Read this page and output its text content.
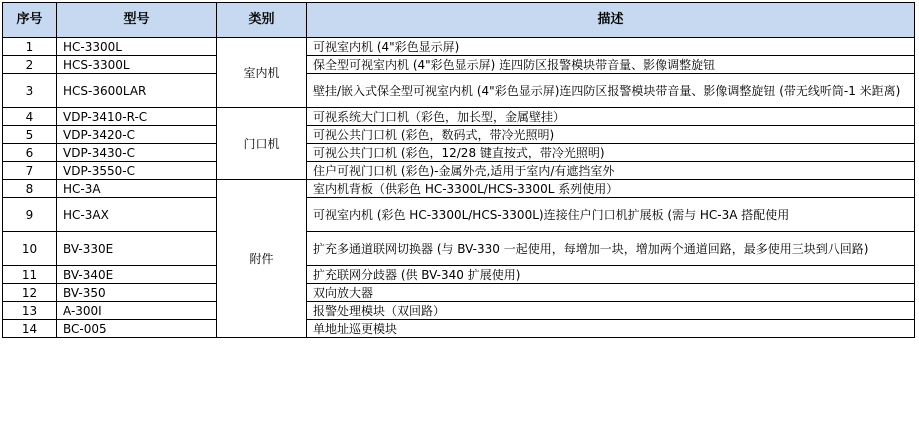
序号	型号	类别	描述
1	HC-3300L	室内机	可视室内机 (4"彩色显示屏)
2	HCS-3300L		保全型可视室内机 (4"彩色显示屏) 连四防区报警模块带音量、影像调整旋钮
3	HCS-3600LAR		壁挂/嵌入式保全型可视室内机 (4"彩色显示屏)连四防区报警模块带音量、影像调整旋钮 (带无线听筒-1 米距离)
4	VDP-3410-R-C	门口机	可视系统大门口机（彩色，加长型，金属壁挂）
5	VDP-3420-C		可视公共门口机 (彩色，数码式，带冷光照明)
6	VDP-3430-C		可视公共门口机 (彩色，12/28 键直按式，带冷光照明)
7	VDP-3550-C		住户可视门口机 (彩色)-金属外壳,适用于室内/有遮挡室外
8	HC-3A	附件	室内机背板（供彩色 HC-3300L/HCS-3300L 系列使用）
9	HC-3AX		可视室内机 (彩色 HC-3300L/HCS-3300L)连接住户门口机扩展板 (需与 HC-3A 搭配使用
10	BV-330E		扩充多通道联网切换器 (与 BV-330 一起使用，每增加一块，增加两个通道回路，最多使用三块到八回路)
11	BV-340E		扩充联网分歧器 (供 BV-340 扩展使用)
12	BV-350		双向放大器
13	A-300I		报警处理模块（双回路）
14	BC-005		单地址巡更模块
